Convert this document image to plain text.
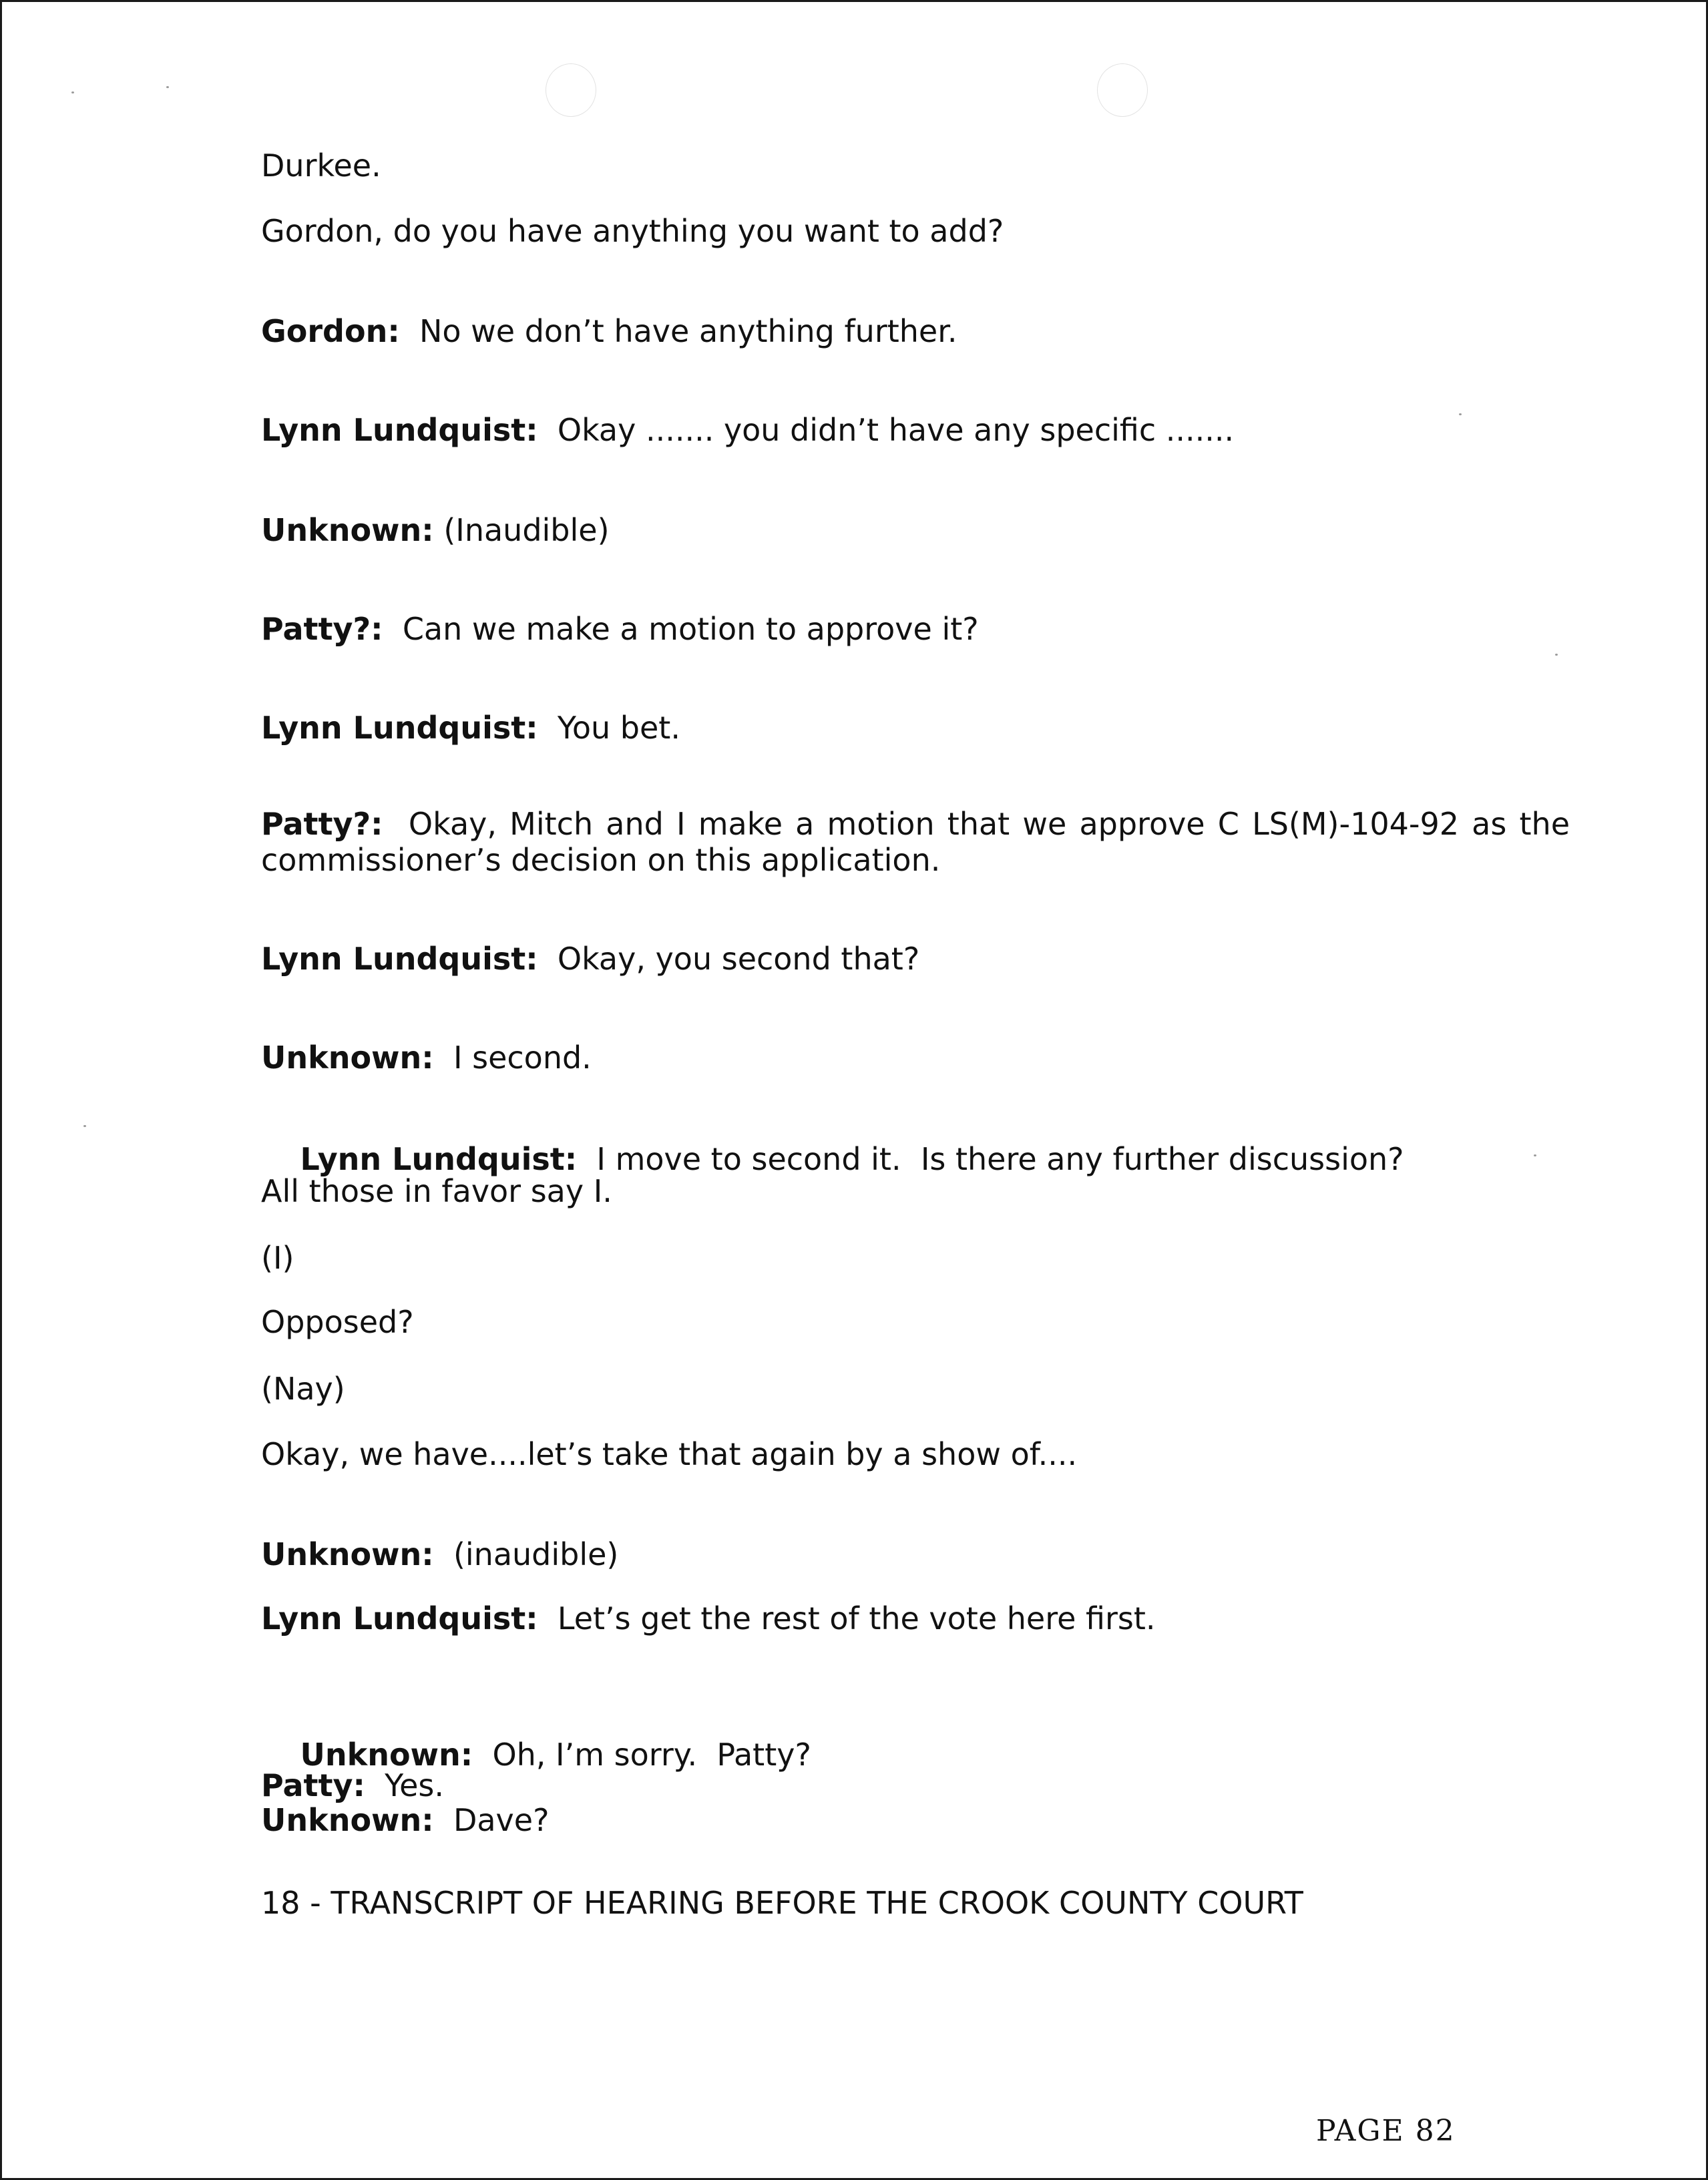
Durkee.
Gordon, do you have anything you want to add?
Gordon: No we don’t have anything further.
Lynn Lundquist: Okay ....... you didn’t have any specific .......
Unknown: (Inaudible)
Patty?: Can we make a motion to approve it?
Lynn Lundquist: You bet.
Patty?: Okay, Mitch and I make a motion that we approve C LS(M)-104-92 as the commissioner’s decision on this application.
Lynn Lundquist: Okay, you second that?
Unknown: I second.

Lynn Lundquist: I move to second it.  Is there any further discussion?

All those in favor say I.
(I)
Opposed?
(Nay)
Okay, we have....let’s take that again by a show of....
Unknown: (inaudible)
Lynn Lundquist: Let’s get the rest of the vote here first.

Unknown: Oh, I’m sorry.  Patty?

Patty: Yes.
Unknown: Dave?
18 - TRANSCRIPT OF HEARING BEFORE THE CROOK COUNTY COURT
PAGE 82
